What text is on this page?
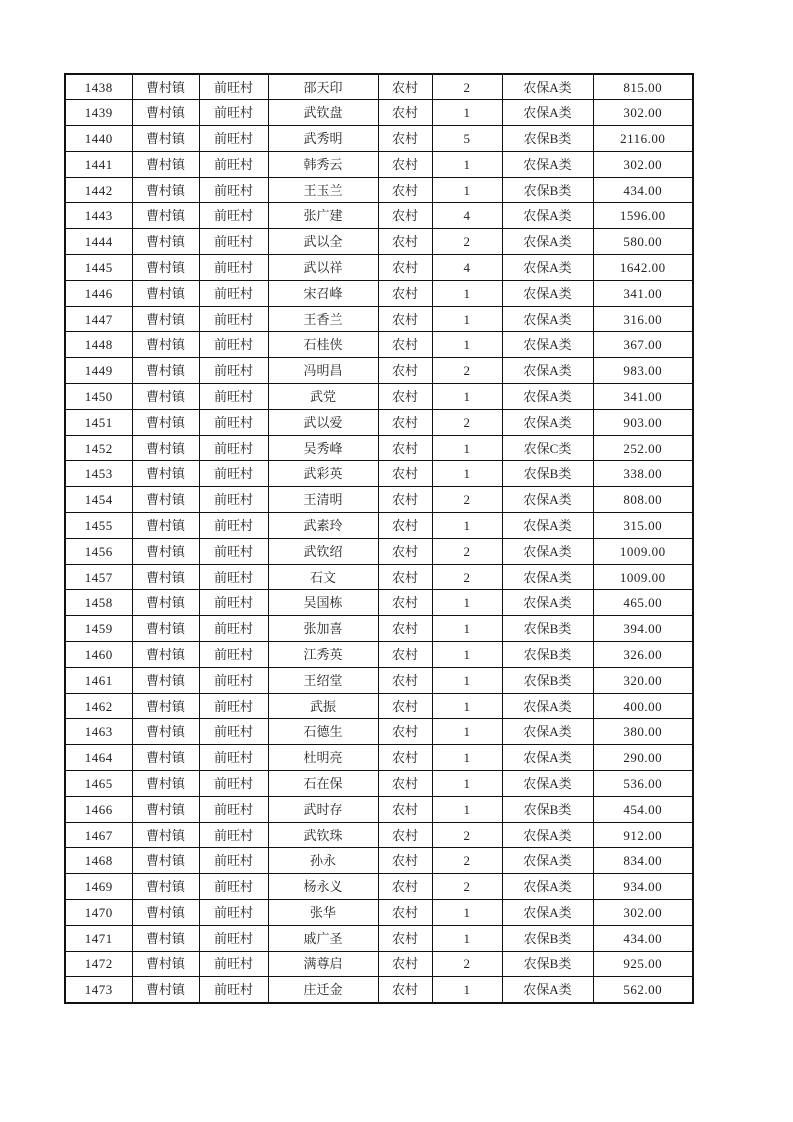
1438	曹村镇	前旺村	邵天印	农村	2	农保A类	815.00
1439	曹村镇	前旺村	武钦盘	农村	1	农保A类	302.00
1440	曹村镇	前旺村	武秀明	农村	5	农保B类	2116.00
1441	曹村镇	前旺村	韩秀云	农村	1	农保A类	302.00
1442	曹村镇	前旺村	王玉兰	农村	1	农保B类	434.00
1443	曹村镇	前旺村	张广建	农村	4	农保A类	1596.00
1444	曹村镇	前旺村	武以全	农村	2	农保A类	580.00
1445	曹村镇	前旺村	武以祥	农村	4	农保A类	1642.00
1446	曹村镇	前旺村	宋召峰	农村	1	农保A类	341.00
1447	曹村镇	前旺村	王香兰	农村	1	农保A类	316.00
1448	曹村镇	前旺村	石桂侠	农村	1	农保A类	367.00
1449	曹村镇	前旺村	冯明昌	农村	2	农保A类	983.00
1450	曹村镇	前旺村	武党	农村	1	农保A类	341.00
1451	曹村镇	前旺村	武以爱	农村	2	农保A类	903.00
1452	曹村镇	前旺村	吴秀峰	农村	1	农保C类	252.00
1453	曹村镇	前旺村	武彩英	农村	1	农保B类	338.00
1454	曹村镇	前旺村	王清明	农村	2	农保A类	808.00
1455	曹村镇	前旺村	武素玲	农村	1	农保A类	315.00
1456	曹村镇	前旺村	武钦绍	农村	2	农保A类	1009.00
1457	曹村镇	前旺村	石文	农村	2	农保A类	1009.00
1458	曹村镇	前旺村	吴国栋	农村	1	农保A类	465.00
1459	曹村镇	前旺村	张加喜	农村	1	农保B类	394.00
1460	曹村镇	前旺村	江秀英	农村	1	农保B类	326.00
1461	曹村镇	前旺村	王绍堂	农村	1	农保B类	320.00
1462	曹村镇	前旺村	武振	农村	1	农保A类	400.00
1463	曹村镇	前旺村	石德生	农村	1	农保A类	380.00
1464	曹村镇	前旺村	杜明亮	农村	1	农保A类	290.00
1465	曹村镇	前旺村	石在保	农村	1	农保A类	536.00
1466	曹村镇	前旺村	武时存	农村	1	农保B类	454.00
1467	曹村镇	前旺村	武钦珠	农村	2	农保A类	912.00
1468	曹村镇	前旺村	孙永	农村	2	农保A类	834.00
1469	曹村镇	前旺村	杨永义	农村	2	农保A类	934.00
1470	曹村镇	前旺村	张华	农村	1	农保A类	302.00
1471	曹村镇	前旺村	戚广圣	农村	1	农保B类	434.00
1472	曹村镇	前旺村	满尊启	农村	2	农保B类	925.00
1473	曹村镇	前旺村	庄迁金	农村	1	农保A类	562.00
